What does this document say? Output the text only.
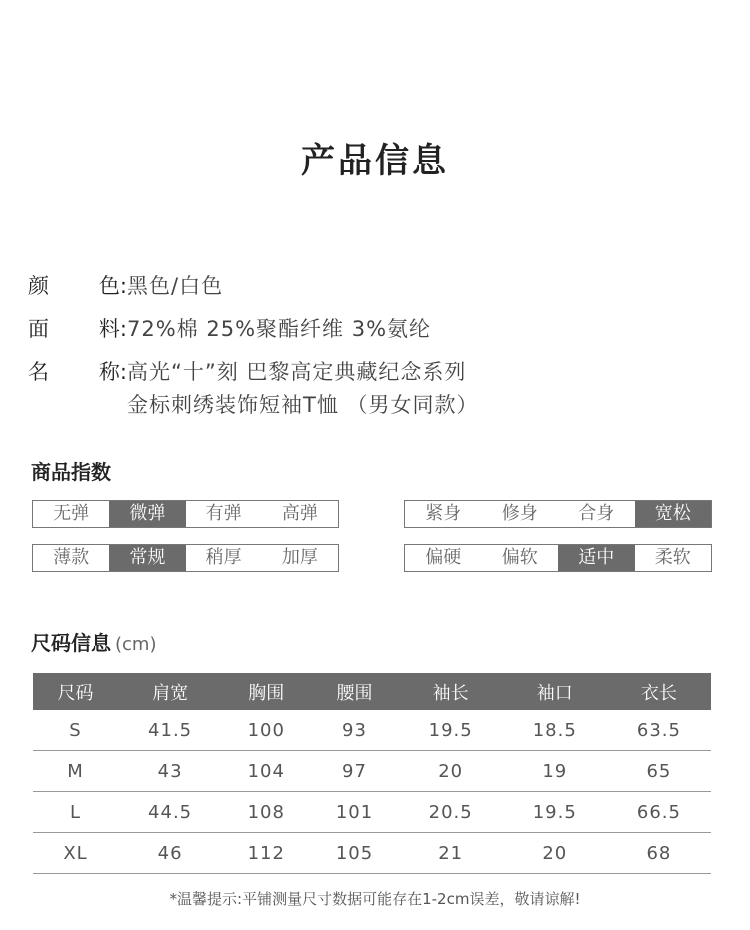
产品信息
颜 色: 黑色/白色
面 料: 72%棉 25%聚酯纤维 3%氨纶
名 称: 高光“十”刻 巴黎高定典藏纪念系列
金标刺绣装饰短袖T恤 （男女同款）
商品指数
无弹	微弹	有弹	高弹	紧身	修身	合身	宽松
薄款	常规	稍厚	加厚	偏硬	偏软	适中	柔软
尺码信息 (cm)
尺码	肩宽	胸围	腰围	袖长	袖口	衣长
S	41.5	100	93	19.5	18.5	63.5
M	43	104	97	20	19	65
L	44.5	108	101	20.5	19.5	66.5
XL	46	112	105	21	20	68
*温馨提示:平铺测量尺寸数据可能存在1-2cm误差，敬请谅解!
